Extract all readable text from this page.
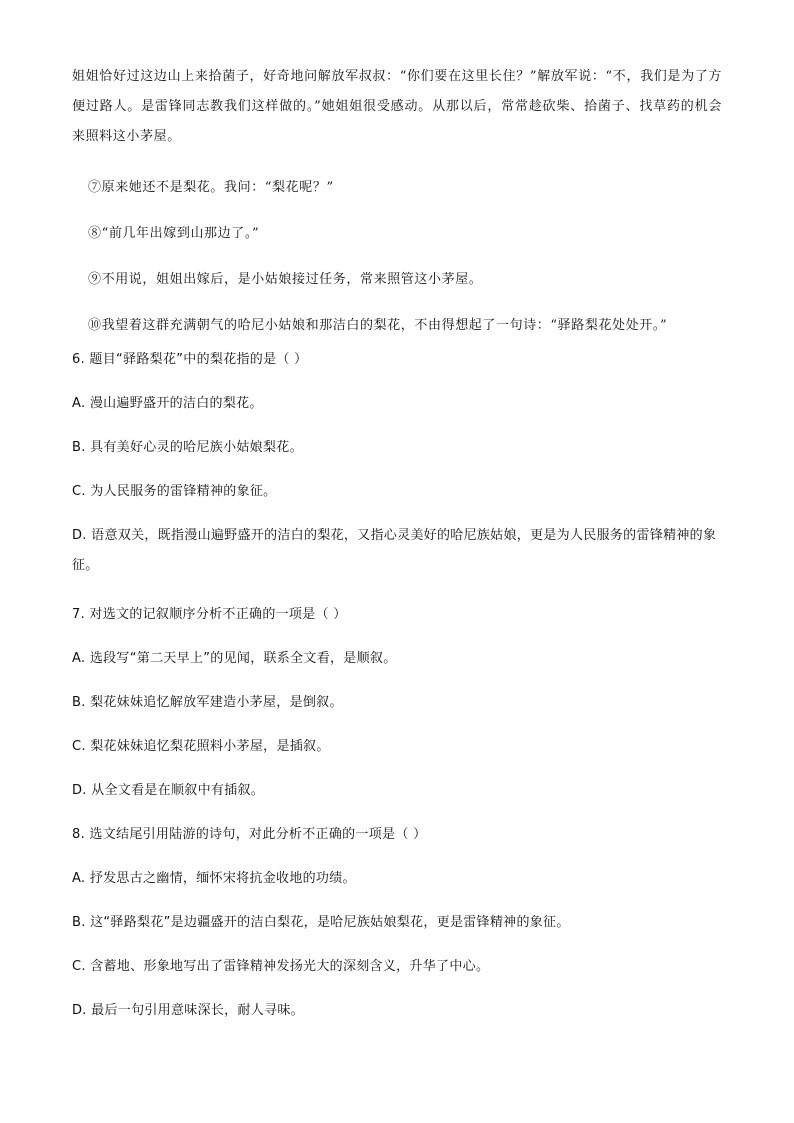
姐姐恰好过这边山上来拾菌子，好奇地问解放军叔叔：“你们要在这里长住？”解放军说：“不，我们是为了方便过路人。是雷锋同志教我们这样做的。”她姐姐很受感动。从那以后，常常趁砍柴、拾菌子、找草药的机会来照料这小茅屋。

⑦原来她还不是梨花。我问：“梨花呢？”

⑧“前几年出嫁到山那边了。”

⑨不用说，姐姐出嫁后，是小姑娘接过任务，常来照管这小茅屋。

⑩我望着这群充满朝气的哈尼小姑娘和那洁白的梨花，不由得想起了一句诗：“驿路梨花处处开。”

6. 题目“驿路梨花”中的梨花指的是（ ）

A. 漫山遍野盛开的洁白的梨花。

B. 具有美好心灵的哈尼族小姑娘梨花。

C. 为人民服务的雷锋精神的象征。

D. 语意双关，既指漫山遍野盛开的洁白的梨花，又指心灵美好的哈尼族姑娘，更是为人民服务的雷锋精神的象征。

7. 对选文的记叙顺序分析不正确的一项是（ ）

A. 选段写“第二天早上”的见闻，联系全文看，是顺叙。

B. 梨花妹妹追忆解放军建造小茅屋，是倒叙。

C. 梨花妹妹追忆梨花照料小茅屋，是插叙。

D. 从全文看是在顺叙中有插叙。

8. 选文结尾引用陆游的诗句，对此分析不正确的一项是（ ）

A. 抒发思古之幽情，缅怀宋将抗金收地的功绩。

B. 这“驿路梨花”是边疆盛开的洁白梨花，是哈尼族姑娘梨花，更是雷锋精神的象征。

C. 含蓄地、形象地写出了雷锋精神发扬光大的深刻含义，升华了中心。

D. 最后一句引用意味深长，耐人寻味。
